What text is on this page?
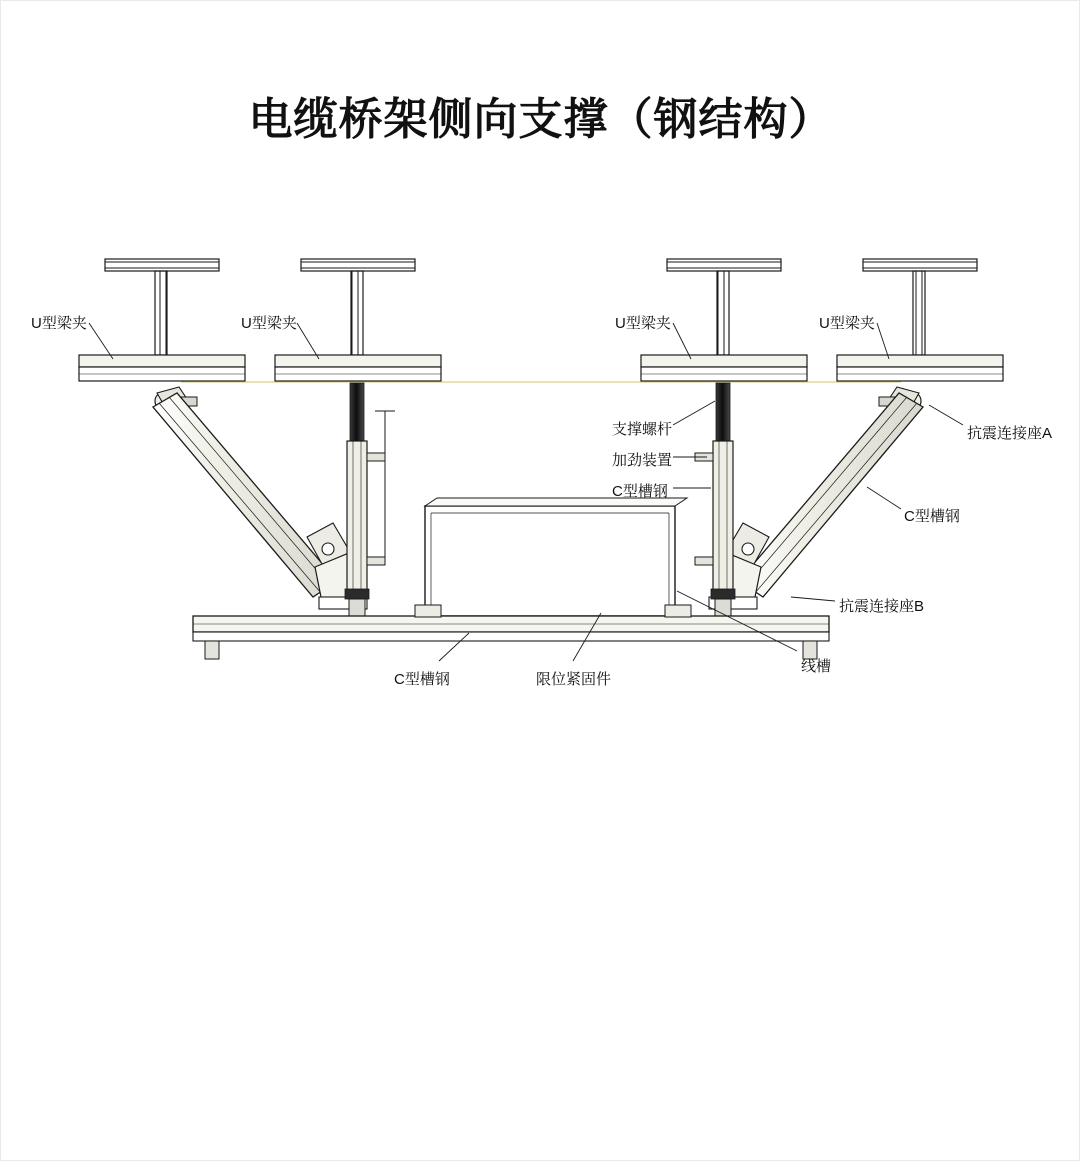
电缆桥架侧向支撑（钢结构）
U型梁夹	U型梁夹	U型梁夹	U型梁夹
支撑螺杆
加劲装置
C型槽钢
抗震连接座A
C型槽钢
抗震连接座B
C型槽钢	限位紧固件
线槽
